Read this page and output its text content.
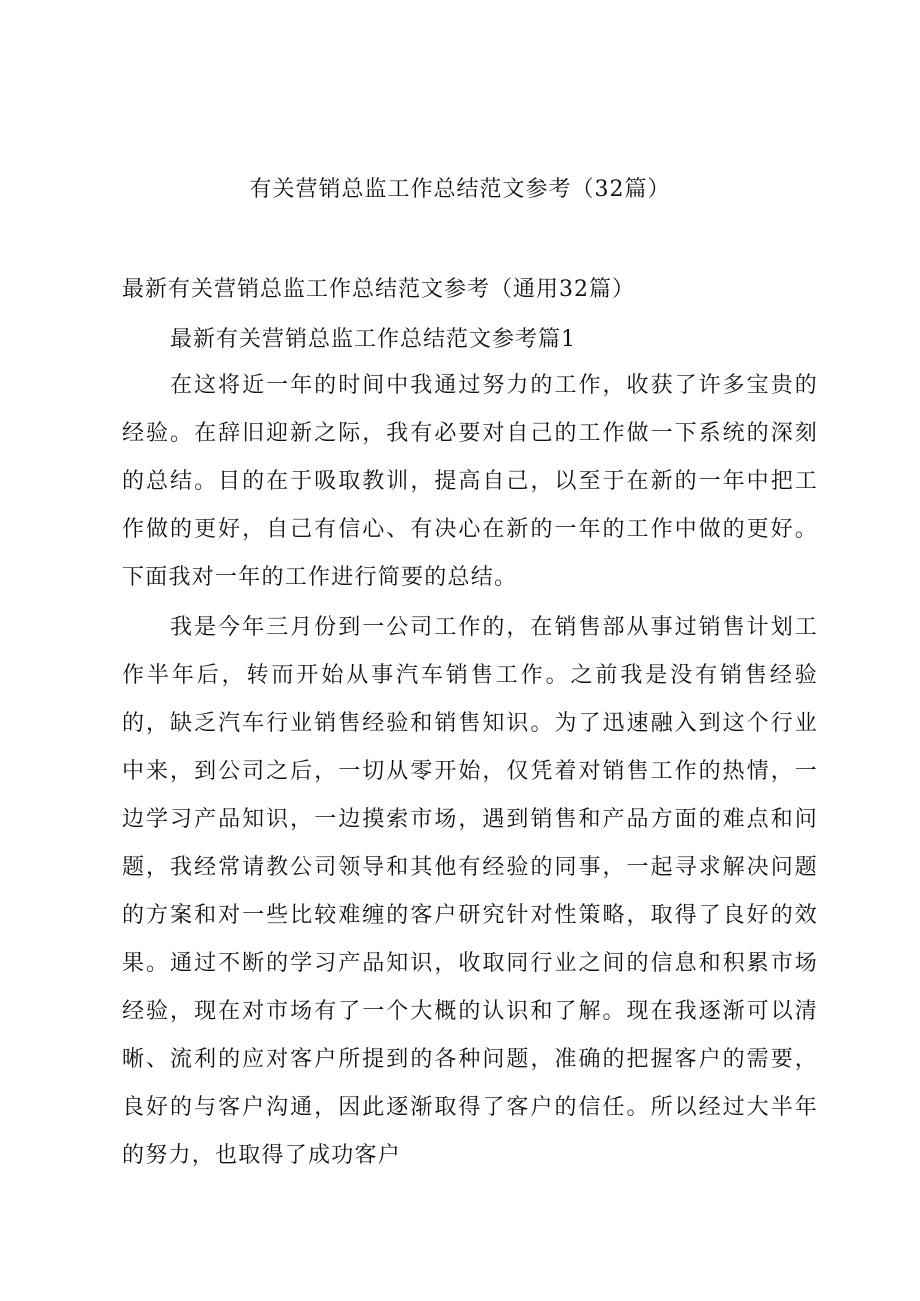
有关营销总监工作总结范文参考（32篇）
最新有关营销总监工作总结范文参考（通用32篇）
最新有关营销总监工作总结范文参考篇1

在这将近一年的时间中我通过努力的工作，收获了许多宝贵的经验。在辞旧迎新之际，我有必要对自己的工作做一下系统的深刻的总结。目的在于吸取教训，提高自己，以至于在新的一年中把工作做的更好，自己有信心、有决心在新的一年的工作中做的更好。下面我对一年的工作进行简要的总结。

我是今年三月份到一公司工作的，在销售部从事过销售计划工作半年后，转而开始从事汽车销售工作。之前我是没有销售经验的，缺乏汽车行业销售经验和销售知识。为了迅速融入到这个行业中来，到公司之后，一切从零开始，仅凭着对销售工作的热情，一边学习产品知识，一边摸索市场，遇到销售和产品方面的难点和问题，我经常请教公司领导和其他有经验的同事，一起寻求解决问题的方案和对一些比较难缠的客户研究针对性策略，取得了良好的效果。通过不断的学习产品知识，收取同行业之间的信息和积累市场经验，现在对市场有了一个大概的认识和了解。现在我逐渐可以清晰、流利的应对客户所提到的各种问题，准确的把握客户的需要，良好的与客户沟通，因此逐渐取得了客户的信任。所以经过大半年的努力，也取得了成功客户
